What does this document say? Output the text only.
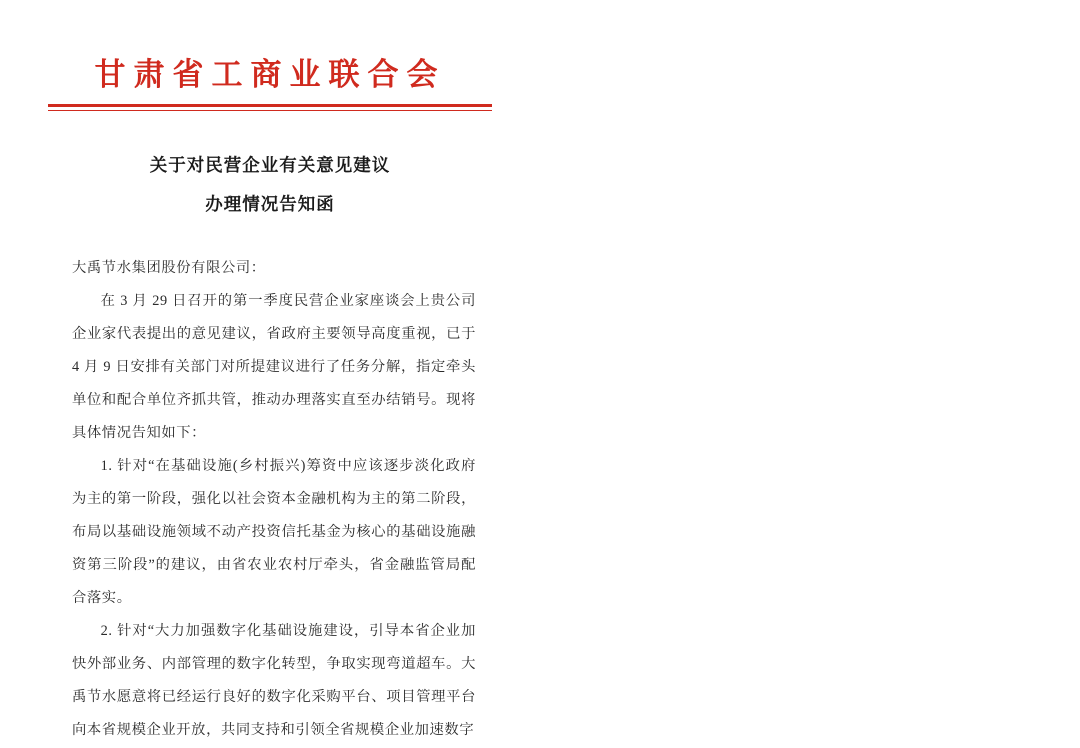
甘肃省工商业联合会
关于对民营企业有关意见建议
办理情况告知函

大禹节水集团股份有限公司：

在 3 月 29 日召开的第一季度民营企业家座谈会上贵公司企业家代表提出的意见建议，省政府主要领导高度重视，已于 4 月 9 日安排有关部门对所提建议进行了任务分解，指定牵头单位和配合单位齐抓共管，推动办理落实直至办结销号。现将具体情况告知如下：

1. 针对“在基础设施(乡村振兴)筹资中应该逐步淡化政府为主的第一阶段，强化以社会资本金融机构为主的第二阶段，布局以基础设施领域不动产投资信托基金为核心的基础设施融资第三阶段”的建议，由省农业农村厅牵头，省金融监管局配合落实。

2. 针对“大力加强数字化基础设施建设，引导本省企业加快外部业务、内部管理的数字化转型，争取实现弯道超车。大禹节水愿意将已经运行良好的数字化采购平台、项目管理平台向本省规模企业开放，共同支持和引领全省规模企业加速数字
